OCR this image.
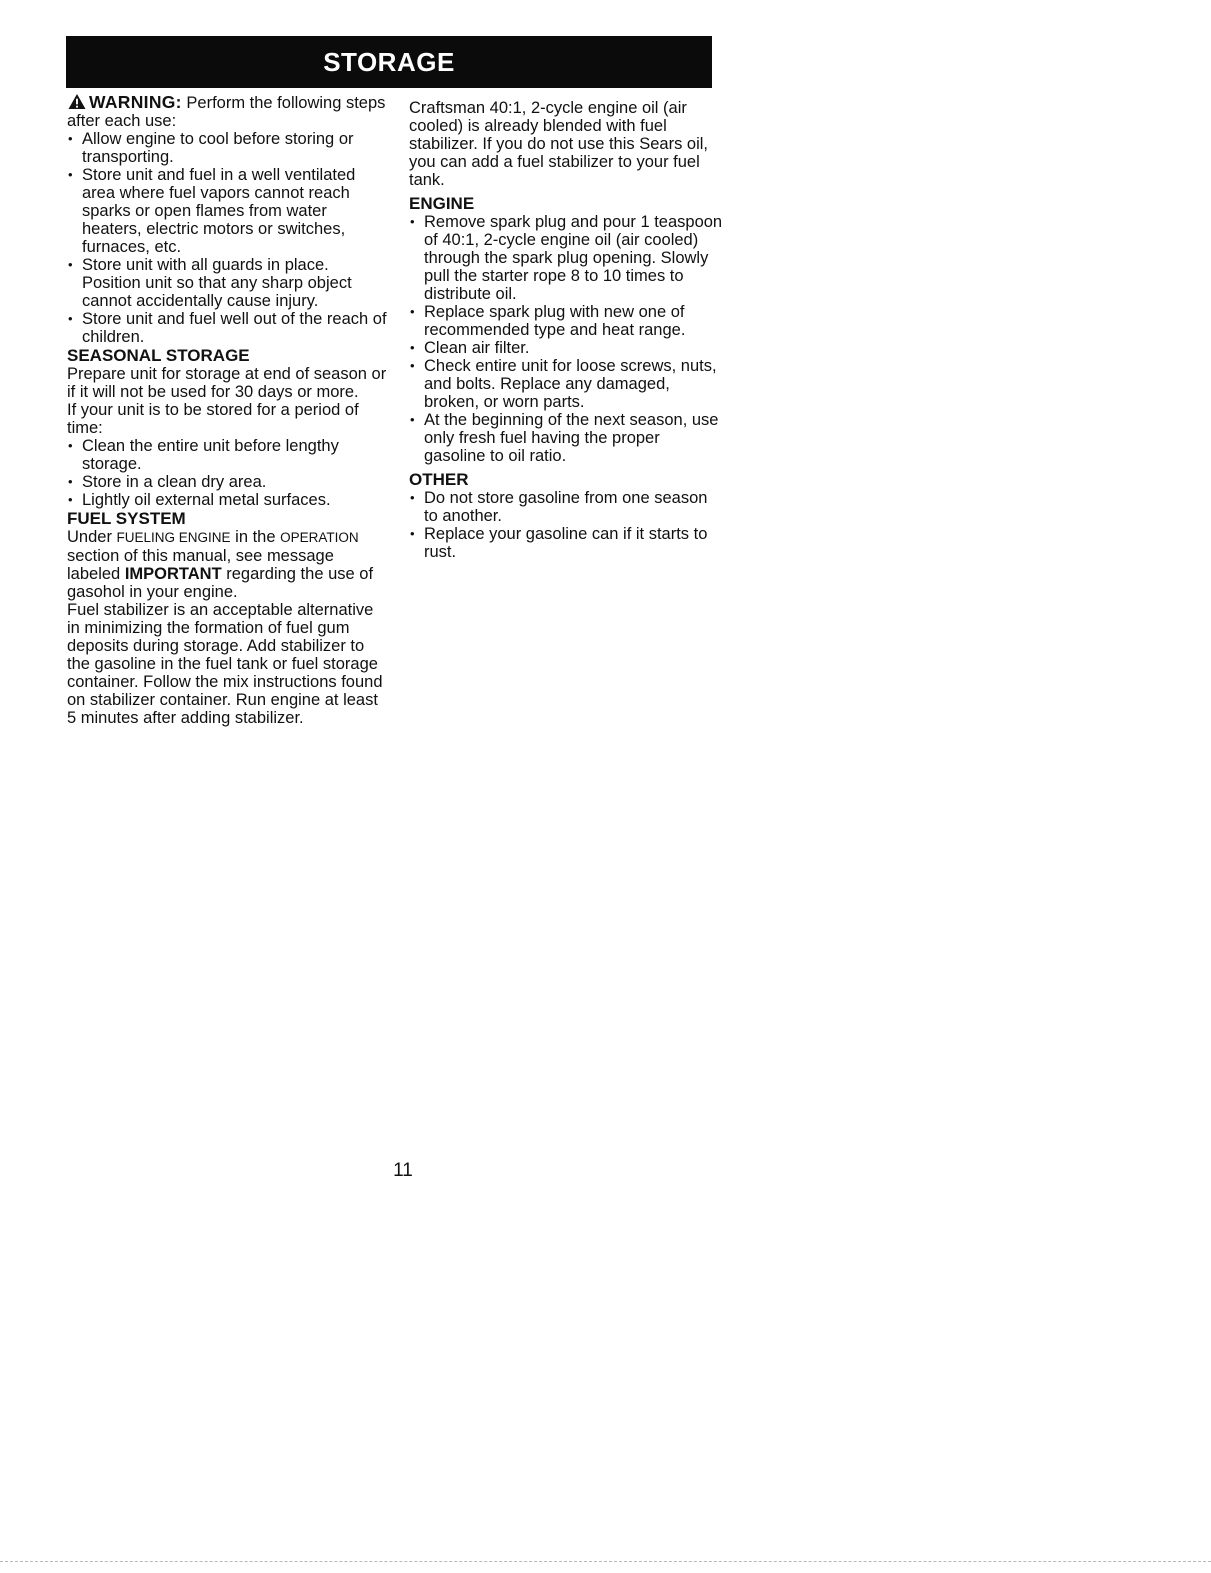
STORAGE

WARNING: Perform the following steps after each use:

• Allow engine to cool before storing or transporting.
• Store unit and fuel in a well ventilated area where fuel vapors cannot reach sparks or open flames from water heaters, electric motors or switches, furnaces, etc.
• Store unit with all guards in place. Position unit so that any sharp object cannot accidentally cause injury.
• Store unit and fuel well out of the reach of children.

SEASONAL STORAGE

Prepare unit for storage at end of season or if it will not be used for 30 days or more.

If your unit is to be stored for a period of time:

• Clean the entire unit before lengthy storage.
• Store in a clean dry area.
• Lightly oil external metal surfaces.

FUEL SYSTEM

Under FUELING ENGINE in the OPERATION section of this manual, see message labeled IMPORTANT regarding the use of gasohol in your engine.

Fuel stabilizer is an acceptable alternative in minimizing the formation of fuel gum deposits during storage. Add stabilizer to the gasoline in the fuel tank or fuel storage container. Follow the mix instructions found on stabilizer container. Run engine at least 5 minutes after adding stabilizer.

Craftsman 40:1, 2-cycle engine oil (air cooled) is already blended with fuel stabilizer. If you do not use this Sears oil, you can add a fuel stabilizer to your fuel tank.

ENGINE

• Remove spark plug and pour 1 teaspoon of 40:1, 2-cycle engine oil (air cooled) through the spark plug opening. Slowly pull the starter rope 8 to 10 times to distribute oil.
• Replace spark plug with new one of recommended type and heat range.
• Clean air filter.
• Check entire unit for loose screws, nuts, and bolts. Replace any damaged, broken, or worn parts.
• At the beginning of the next season, use only fresh fuel having the proper gasoline to oil ratio.

OTHER

• Do not store gasoline from one season to another.
• Replace your gasoline can if it starts to rust.
11
